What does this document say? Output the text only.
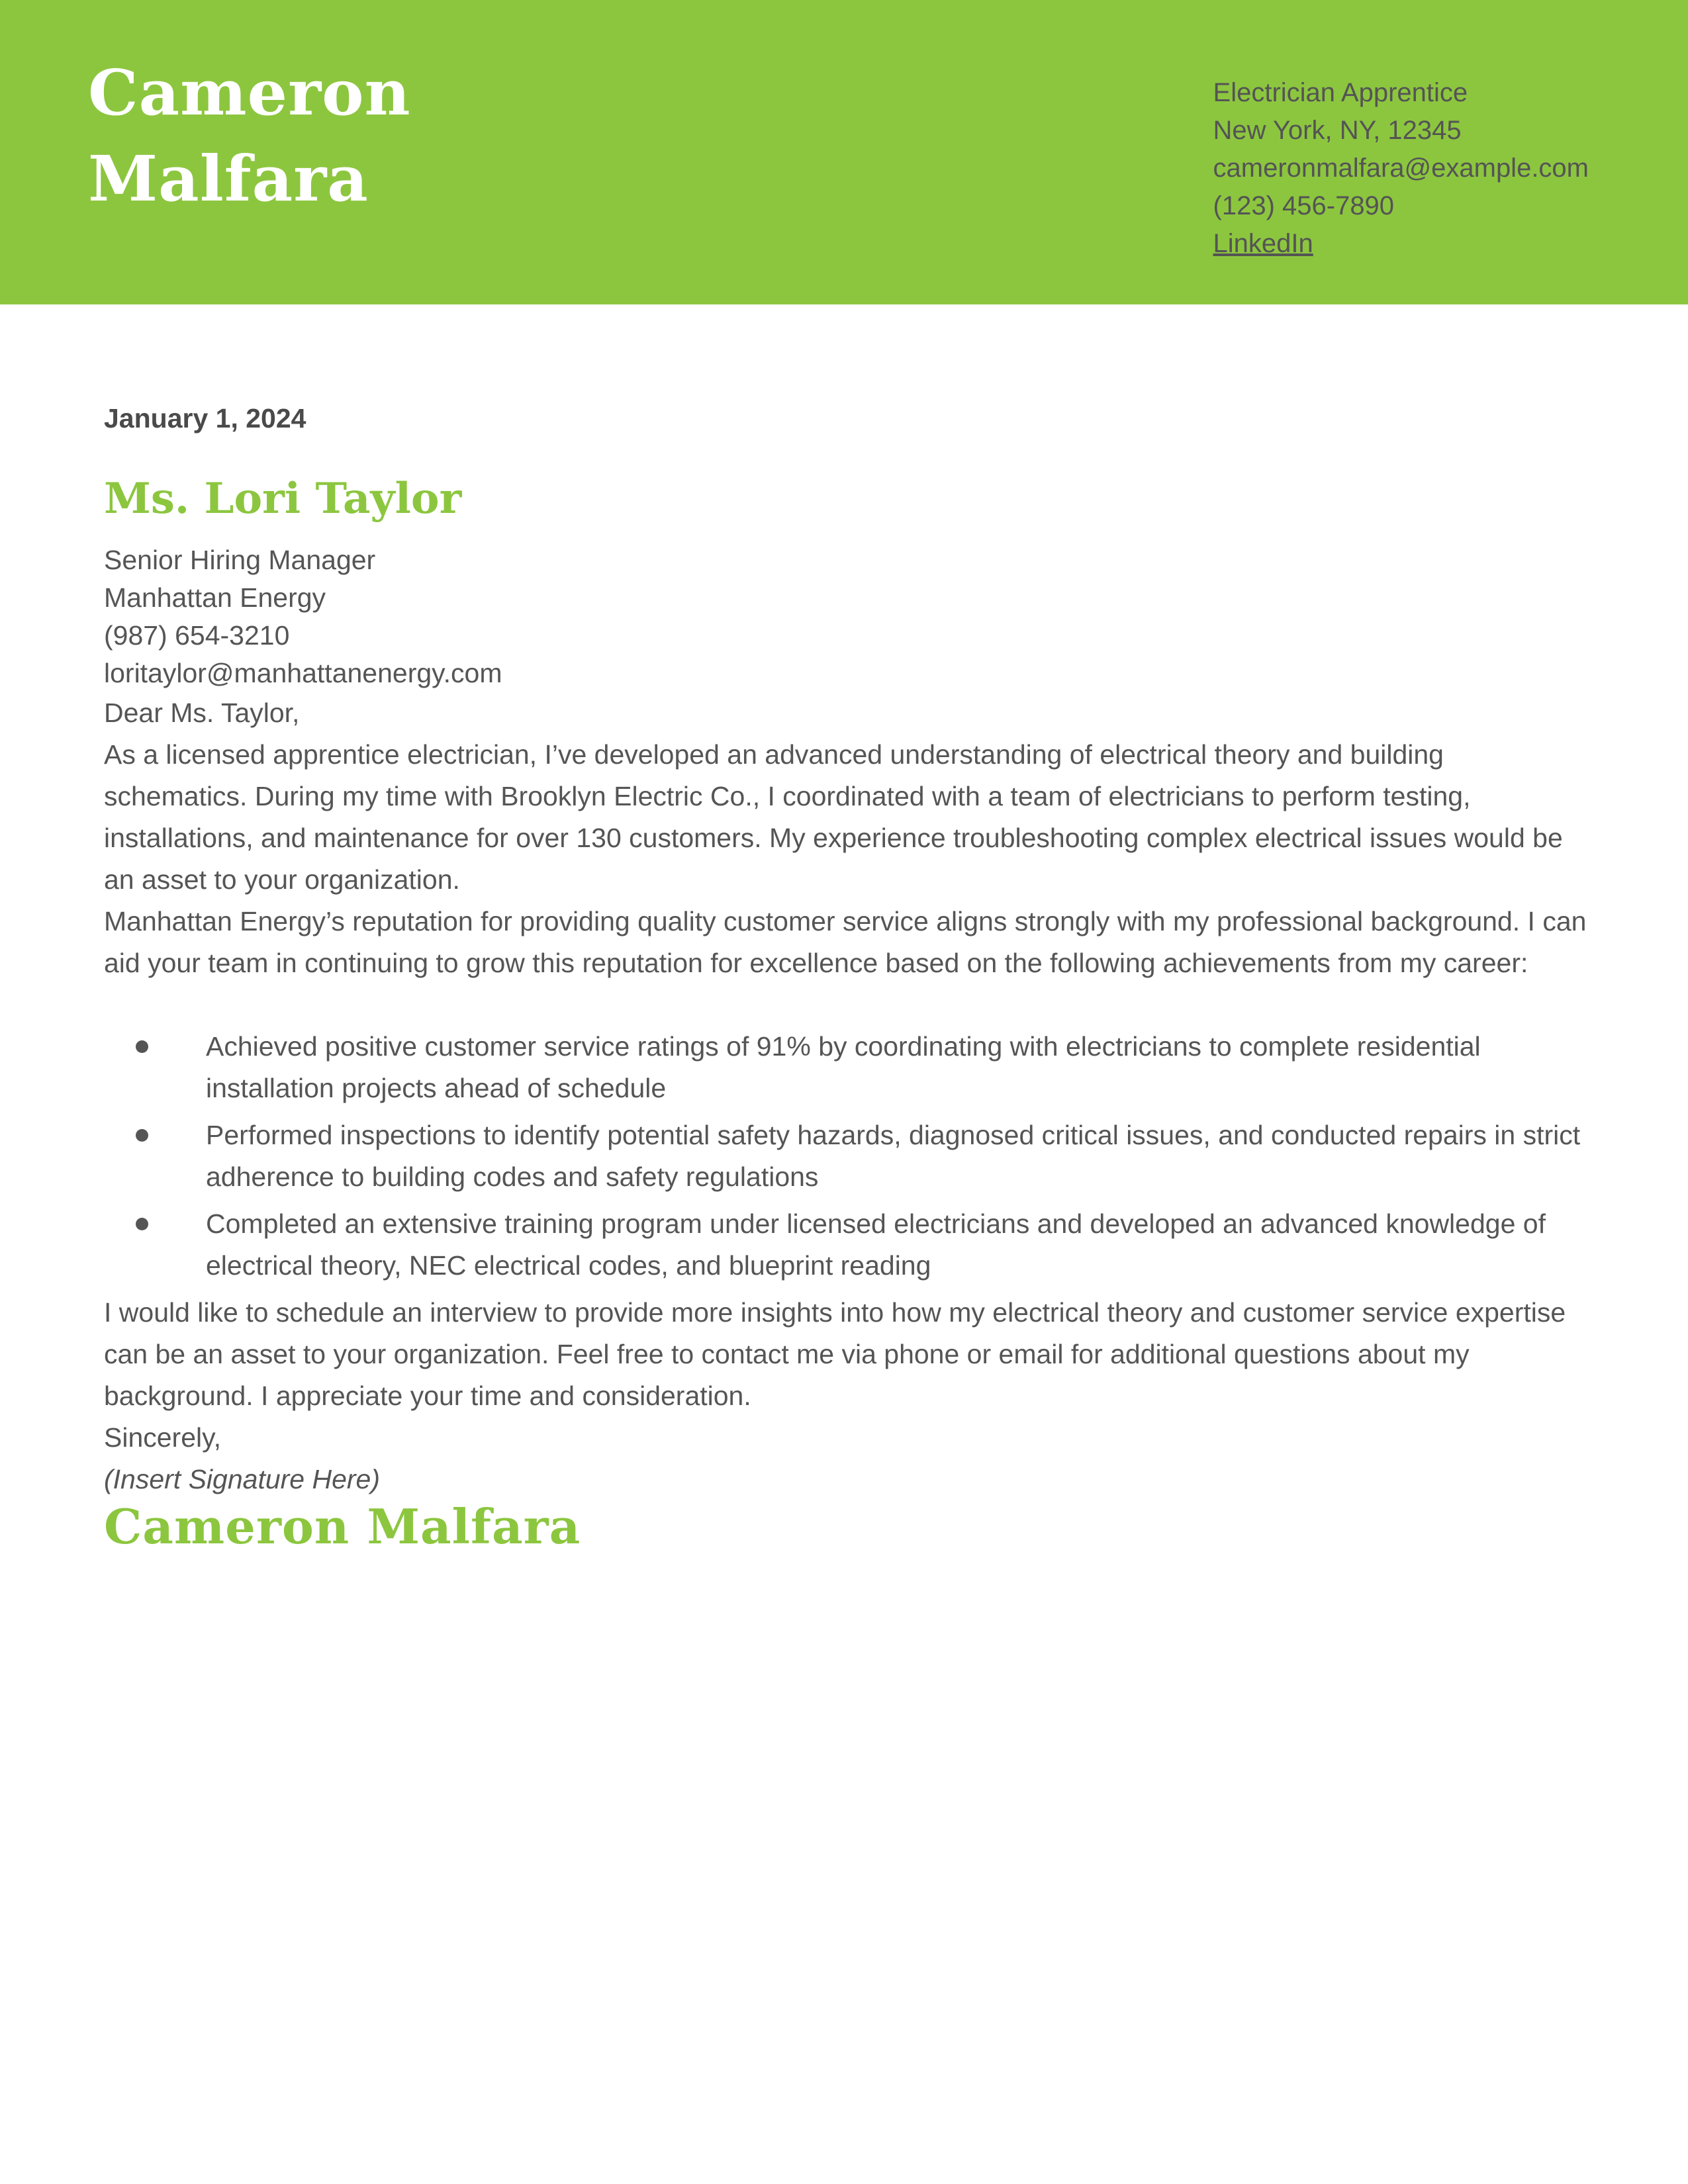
Cameron
Malfara
Electrician Apprentice
New York, NY, 12345
cameronmalfara@example.com
(123) 456-7890
LinkedIn

January 1, 2024

Ms. Lori Taylor
Senior Hiring Manager
Manhattan Energy
(987) 654-3210
loritaylor@manhattanenergy.com

Dear Ms. Taylor,

As a licensed apprentice electrician, I’ve developed an advanced understanding of electrical theory and building schematics. During my time with Brooklyn Electric Co., I coordinated with a team of electricians to perform testing, installations, and maintenance for over 130 customers. My experience troubleshooting complex electrical issues would be an asset to your organization.

Manhattan Energy’s reputation for providing quality customer service aligns strongly with my professional background. I can aid your team in continuing to grow this reputation for excellence based on the following achievements from my career:

Achieved positive customer service ratings of 91% by coordinating with electricians to complete residential installation projects ahead of schedule
Performed inspections to identify potential safety hazards, diagnosed critical issues, and conducted repairs in strict adherence to building codes and safety regulations
Completed an extensive training program under licensed electricians and developed an advanced knowledge of electrical theory, NEC electrical codes, and blueprint reading

I would like to schedule an interview to provide more insights into how my electrical theory and customer service expertise can be an asset to your organization. Feel free to contact me via phone or email for additional questions about my background. I appreciate your time and consideration.

Sincerely,

(Insert Signature Here)

Cameron Malfara
